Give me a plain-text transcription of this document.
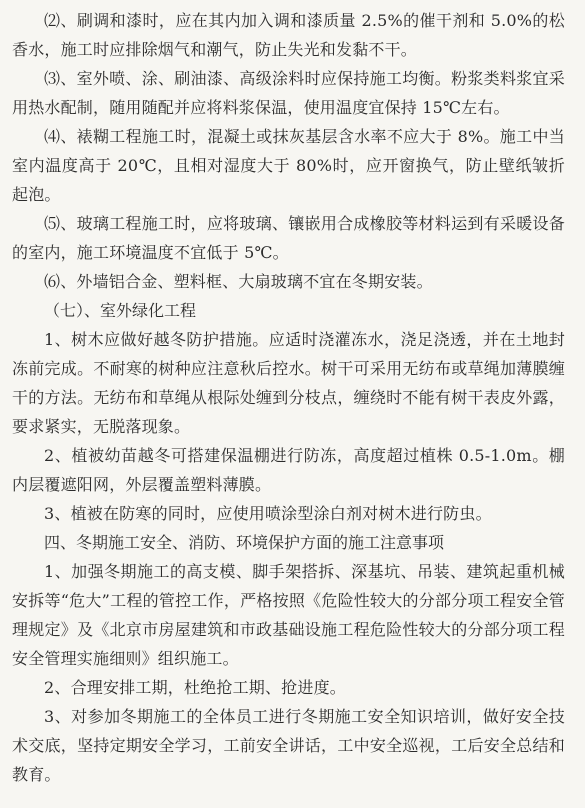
⑵、刷调和漆时，应在其内加入调和漆质量 2.5%的催干剂和 5.0%的松香水，施工时应排除烟气和潮气，防止失光和发黏不干。

⑶、室外喷、涂、刷油漆、高级涂料时应保持施工均衡。粉浆类料浆宜采用热水配制，随用随配并应将料浆保温，使用温度宜保持 15℃左右。

⑷、裱糊工程施工时，混凝土或抹灰基层含水率不应大于 8%。施工中当室内温度高于 20℃，且相对湿度大于 80%时，应开窗换气，防止壁纸皱折起泡。

⑸、玻璃工程施工时，应将玻璃、镶嵌用合成橡胶等材料运到有采暖设备的室内，施工环境温度不宜低于 5℃。

⑹、外墙铝合金、塑料框、大扇玻璃不宜在冬期安装。

（七）、室外绿化工程

1、树木应做好越冬防护措施。应适时浇灌冻水，浇足浇透，并在土地封冻前完成。不耐寒的树种应注意秋后控水。树干可采用无纺布或草绳加薄膜缠干的方法。无纺布和草绳从根际处缠到分枝点，缠绕时不能有树干表皮外露，要求紧实，无脱落现象。

2、植被幼苗越冬可搭建保温棚进行防冻，高度超过植株 0.5-1.0m。棚内层覆遮阳网，外层覆盖塑料薄膜。

3、植被在防寒的同时，应使用喷涂型涂白剂对树木进行防虫。

四、冬期施工安全、消防、环境保护方面的施工注意事项

1、加强冬期施工的高支模、脚手架搭拆、深基坑、吊装、建筑起重机械安拆等“危大”工程的管控工作，严格按照《危险性较大的分部分项工程安全管理规定》及《北京市房屋建筑和市政基础设施工程危险性较大的分部分项工程安全管理实施细则》组织施工。

2、合理安排工期，杜绝抢工期、抢进度。

3、对参加冬期施工的全体员工进行冬期施工安全知识培训，做好安全技术交底，坚持定期安全学习，工前安全讲话，工中安全巡视，工后安全总结和教育。
